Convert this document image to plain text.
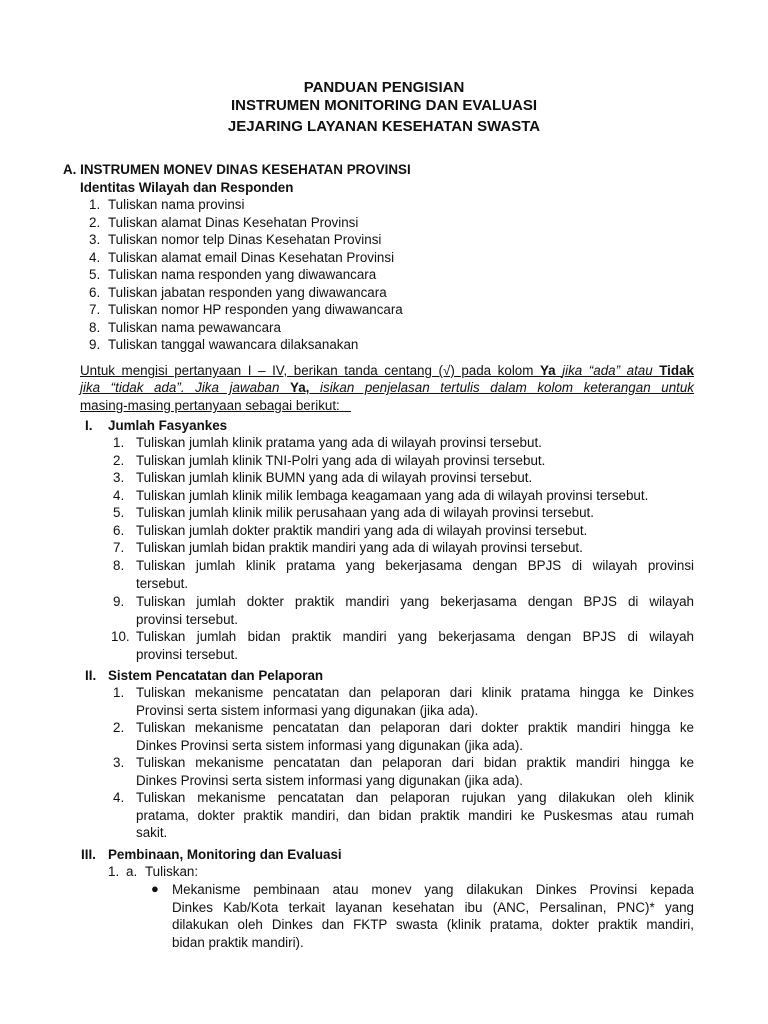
PANDUAN PENGISIAN
INSTRUMEN MONITORING DAN EVALUASI
JEJARING LAYANAN KESEHATAN SWASTA
A. INSTRUMEN MONEV DINAS KESEHATAN PROVINSI
Identitas Wilayah dan Responden
1. Tuliskan nama provinsi
2. Tuliskan alamat Dinas Kesehatan Provinsi
3. Tuliskan nomor telp Dinas Kesehatan Provinsi
4. Tuliskan alamat email Dinas Kesehatan Provinsi
5. Tuliskan nama responden yang diwawancara
6. Tuliskan jabatan responden yang diwawancara
7. Tuliskan nomor HP responden yang diwawancara
8. Tuliskan nama pewawancara
9. Tuliskan tanggal wawancara dilaksanakan
Untuk mengisi pertanyaan I – IV, berikan tanda centang (√) pada kolom Ya jika “ada” atau Tidak
jika “tidak ada”. Jika jawaban Ya, isikan penjelasan tertulis dalam kolom keterangan untuk
masing-masing pertanyaan sebagai berikut:
I. Jumlah Fasyankes
1. Tuliskan jumlah klinik pratama yang ada di wilayah provinsi tersebut.
2. Tuliskan jumlah klinik TNI-Polri yang ada di wilayah provinsi tersebut.
3. Tuliskan jumlah klinik BUMN yang ada di wilayah provinsi tersebut.
4. Tuliskan jumlah klinik milik lembaga keagamaan yang ada di wilayah provinsi tersebut.
5. Tuliskan jumlah klinik milik perusahaan yang ada di wilayah provinsi tersebut.
6. Tuliskan jumlah dokter praktik mandiri yang ada di wilayah provinsi tersebut.
7. Tuliskan jumlah bidan praktik mandiri yang ada di wilayah provinsi tersebut.
8. Tuliskan jumlah klinik pratama yang bekerjasama dengan BPJS di wilayah provinsi
tersebut.
9. Tuliskan jumlah dokter praktik mandiri yang bekerjasama dengan BPJS di wilayah
provinsi tersebut.
10. Tuliskan jumlah bidan praktik mandiri yang bekerjasama dengan BPJS di wilayah
provinsi tersebut.
II. Sistem Pencatatan dan Pelaporan
1. Tuliskan mekanisme pencatatan dan pelaporan dari klinik pratama hingga ke Dinkes
Provinsi serta sistem informasi yang digunakan (jika ada).
2. Tuliskan mekanisme pencatatan dan pelaporan dari dokter praktik mandiri hingga ke
Dinkes Provinsi serta sistem informasi yang digunakan (jika ada).
3. Tuliskan mekanisme pencatatan dan pelaporan dari bidan praktik mandiri hingga ke
Dinkes Provinsi serta sistem informasi yang digunakan (jika ada).
4. Tuliskan mekanisme pencatatan dan pelaporan rujukan yang dilakukan oleh klinik
pratama, dokter praktik mandiri, dan bidan praktik mandiri ke Puskesmas atau rumah
sakit.
III. Pembinaan, Monitoring dan Evaluasi
1. a. Tuliskan:
● Mekanisme pembinaan atau monev yang dilakukan Dinkes Provinsi kepada
Dinkes Kab/Kota terkait layanan kesehatan ibu (ANC, Persalinan, PNC)* yang
dilakukan oleh Dinkes dan FKTP swasta (klinik pratama, dokter praktik mandiri,
bidan praktik mandiri).
